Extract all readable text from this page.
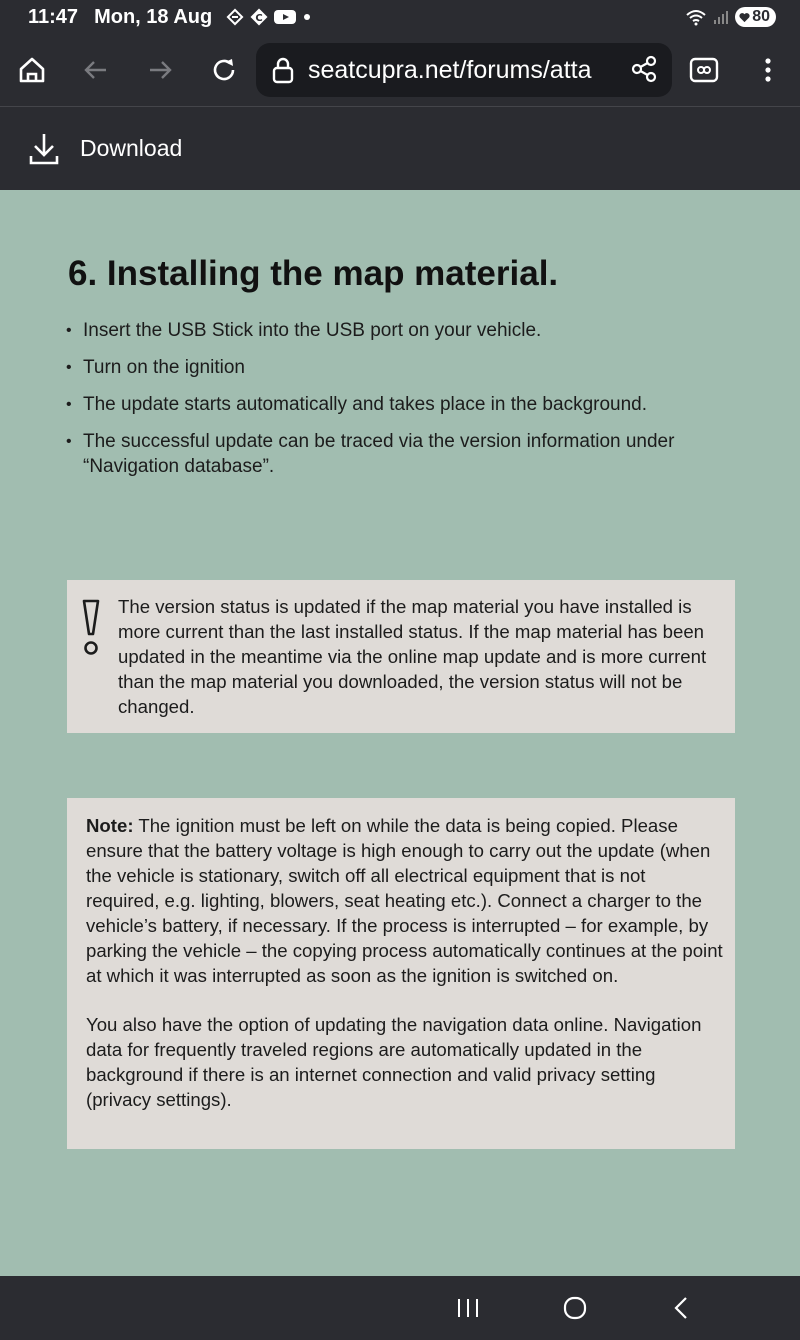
11:47 Mon, 18 Aug	C	80
seatcupra.net/forums/atta
Download
6. Installing the map material.
• Insert the USB Stick into the USB port on your vehicle.
• Turn on the ignition
• The update starts automatically and takes place in the background.
• The successful update can be traced via the version information under “Navigation database”.

The version status is updated if the map material you have installed is more current than the last installed status. If the map material has been updated in the meantime via the online map update and is more current than the map material you downloaded, the version status will not be changed.

Note: The ignition must be left on while the data is being copied. Please ensure that the battery voltage is high enough to carry out the update (when the vehicle is stationary, switch off all electrical equipment that is not required, e.g. lighting, blowers, seat heating etc.). Connect a charger to the vehicle’s battery, if necessary. If the process is interrupted – for example, by parking the vehicle – the copying process automatically continues at the point at which it was interrupted as soon as the ignition is switched on.

You also have the option of updating the navigation data online. Navigation data for frequently traveled regions are automatically updated in the background if there is an internet connection and valid privacy setting (privacy settings).
